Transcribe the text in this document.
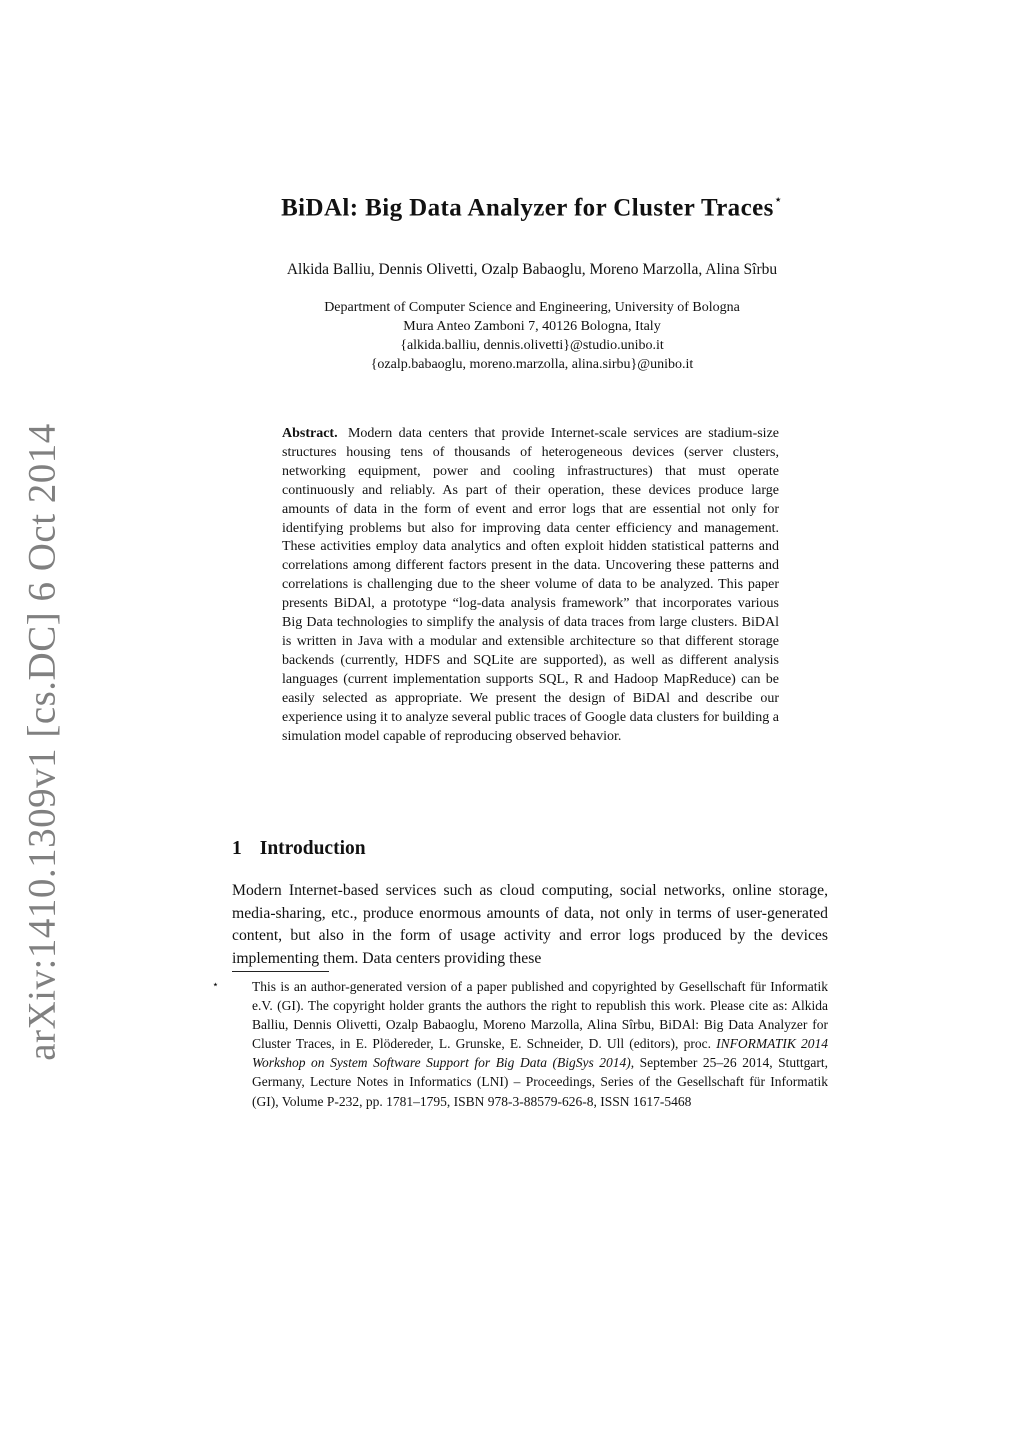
arXiv:1410.1309v1 [cs.DC] 6 Oct 2014
BiDAl: Big Data Analyzer for Cluster Traces⋆
Alkida Balliu, Dennis Olivetti, Ozalp Babaoglu, Moreno Marzolla, Alina Sîrbu
Department of Computer Science and Engineering, University of Bologna
Mura Anteo Zamboni 7, 40126 Bologna, Italy
{alkida.balliu, dennis.olivetti}@studio.unibo.it
{ozalp.babaoglu, moreno.marzolla, alina.sirbu}@unibo.it
Abstract. Modern data centers that provide Internet-scale services are stadium-size structures housing tens of thousands of heterogeneous devices (server clusters, networking equipment, power and cooling infrastructures) that must operate continuously and reliably. As part of their operation, these devices produce large amounts of data in the form of event and error logs that are essential not only for identifying problems but also for improving data center efficiency and management. These activities employ data analytics and often exploit hidden statistical patterns and correlations among different factors present in the data. Uncovering these patterns and correlations is challenging due to the sheer volume of data to be analyzed. This paper presents BiDAl, a prototype “log-data analysis framework” that incorporates various Big Data technologies to simplify the analysis of data traces from large clusters. BiDAl is written in Java with a modular and extensible architecture so that different storage backends (currently, HDFS and SQLite are supported), as well as different analysis languages (current implementation supports SQL, R and Hadoop MapReduce) can be easily selected as appropriate. We present the design of BiDAl and describe our experience using it to analyze several public traces of Google data clusters for building a simulation model capable of reproducing observed behavior.
1 Introduction
Modern Internet-based services such as cloud computing, social networks, online storage, media-sharing, etc., produce enormous amounts of data, not only in terms of user-generated content, but also in the form of usage activity and error logs produced by the devices implementing them. Data centers providing these
⋆ This is an author-generated version of a paper published and copyrighted by Gesellschaft für Informatik e.V. (GI). The copyright holder grants the authors the right to republish this work. Please cite as: Alkida Balliu, Dennis Olivetti, Ozalp Babaoglu, Moreno Marzolla, Alina Sîrbu, BiDAl: Big Data Analyzer for Cluster Traces, in E. Plödereder, L. Grunske, E. Schneider, D. Ull (editors), proc. INFORMATIK 2014 Workshop on System Software Support for Big Data (BigSys 2014), September 25–26 2014, Stuttgart, Germany, Lecture Notes in Informatics (LNI) – Proceedings, Series of the Gesellschaft für Informatik (GI), Volume P-232, pp. 1781–1795, ISBN 978-3-88579-626-8, ISSN 1617-5468
